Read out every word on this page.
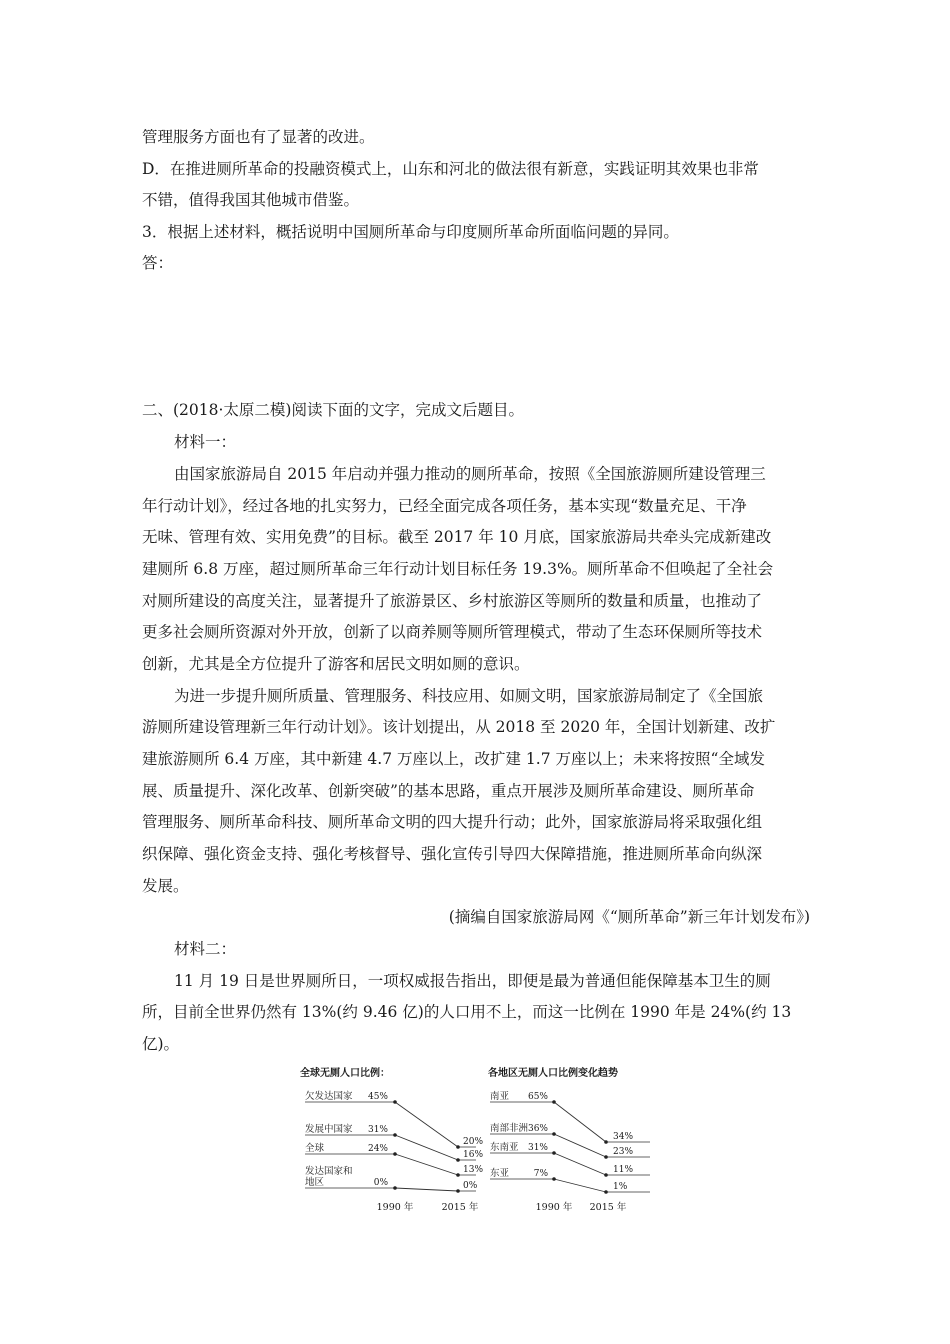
管理服务方面也有了显著的改进。
D．在推进厕所革命的投融资模式上，山东和河北的做法很有新意，实践证明其效果也非常
不错，值得我国其他城市借鉴。
3．根据上述材料，概括说明中国厕所革命与印度厕所革命所面临问题的异同。
答：
二、(2018·太原二模)阅读下面的文字，完成文后题目。
材料一：
由国家旅游局自 2015 年启动并强力推动的厕所革命，按照《全国旅游厕所建设管理三
年行动计划》，经过各地的扎实努力，已经全面完成各项任务，基本实现“数量充足、干净
无味、管理有效、实用免费”的目标。截至 2017 年 10 月底，国家旅游局共牵头完成新建改
建厕所 6.8 万座，超过厕所革命三年行动计划目标任务 19.3%。厕所革命不但唤起了全社会
对厕所建设的高度关注，显著提升了旅游景区、乡村旅游区等厕所的数量和质量，也推动了
更多社会厕所资源对外开放，创新了以商养厕等厕所管理模式，带动了生态环保厕所等技术
创新，尤其是全方位提升了游客和居民文明如厕的意识。
为进一步提升厕所质量、管理服务、科技应用、如厕文明，国家旅游局制定了《全国旅
游厕所建设管理新三年行动计划》。该计划提出，从 2018 至 2020 年，全国计划新建、改扩
建旅游厕所 6.4 万座，其中新建 4.7 万座以上，改扩建 1.7 万座以上；未来将按照“全域发
展、质量提升、深化改革、创新突破”的基本思路，重点开展涉及厕所革命建设、厕所革命
管理服务、厕所革命科技、厕所革命文明的四大提升行动；此外，国家旅游局将采取强化组
织保障、强化资金支持、强化考核督导、强化宣传引导四大保障措施，推进厕所革命向纵深
发展。
(摘编自国家旅游局网《“厕所革命”新三年计划发布》)
材料二：
11 月 19 日是世界厕所日，一项权威报告指出，即便是最为普通但能保障基本卫生的厕
所，目前全世界仍然有 13%(约 9.46 亿)的人口用不上，而这一比例在 1990 年是 24%(约 13
亿)。
全球无厕人口比例：
欠发达国家 45%
20%
发展中国家 31%
16%
全球	24%
13%
发达国家和
地区	0%	0%
1990 年	2015 年
各地区无厕人口比例变化趋势
南亚 65%
34%
南部非洲 36%
23%
东南亚 31%
11%
东亚	7%
1%
1990 年 2015 年
